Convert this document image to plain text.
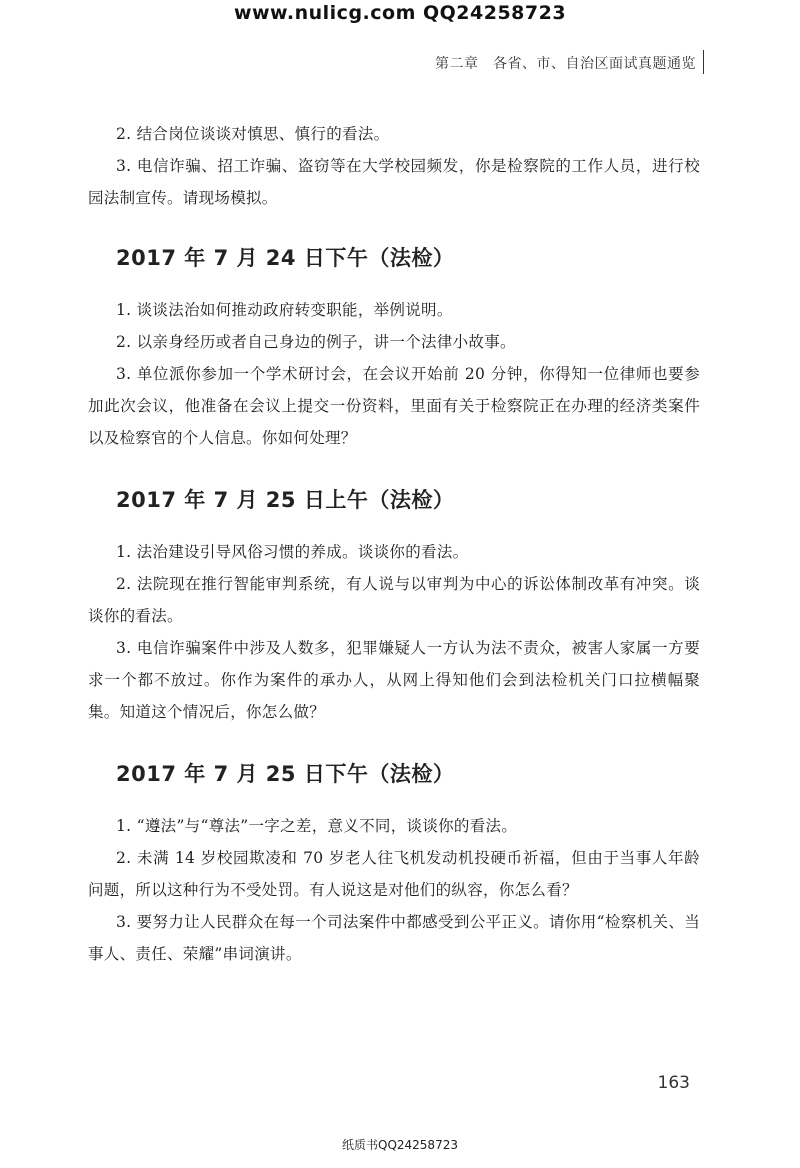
www.nulicg.com QQ24258723
第二章　各省、市、自治区面试真题通览

2. 结合岗位谈谈对慎思、慎行的看法。

3. 电信诈骗、招工诈骗、盗窃等在大学校园频发，你是检察院的工作人员，进行校园法制宣传。请现场模拟。

2017 年 7 月 24 日下午（法检）

1. 谈谈法治如何推动政府转变职能，举例说明。

2. 以亲身经历或者自己身边的例子，讲一个法律小故事。

3. 单位派你参加一个学术研讨会，在会议开始前 20 分钟，你得知一位律师也要参加此次会议，他准备在会议上提交一份资料，里面有关于检察院正在办理的经济类案件以及检察官的个人信息。你如何处理？

2017 年 7 月 25 日上午（法检）

1. 法治建设引导风俗习惯的养成。谈谈你的看法。

2. 法院现在推行智能审判系统，有人说与以审判为中心的诉讼体制改革有冲突。谈谈你的看法。

3. 电信诈骗案件中涉及人数多，犯罪嫌疑人一方认为法不责众，被害人家属一方要求一个都不放过。你作为案件的承办人，从网上得知他们会到法检机关门口拉横幅聚集。知道这个情况后，你怎么做？

2017 年 7 月 25 日下午（法检）

1. “遵法”与“尊法”一字之差，意义不同，谈谈你的看法。

2. 未满 14 岁校园欺凌和 70 岁老人往飞机发动机投硬币祈福，但由于当事人年龄问题，所以这种行为不受处罚。有人说这是对他们的纵容，你怎么看？

3. 要努力让人民群众在每一个司法案件中都感受到公平正义。请你用“检察机关、当事人、责任、荣耀”串词演讲。

163
纸质书QQ24258723
